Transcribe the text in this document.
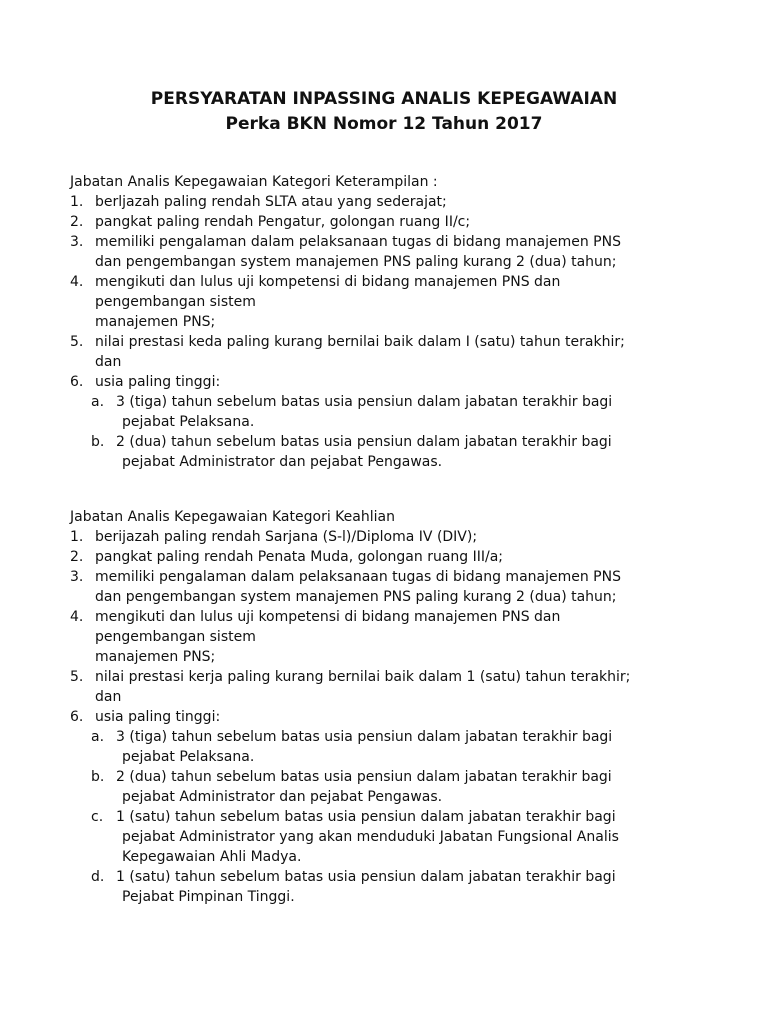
PERSYARATAN INPASSING ANALIS KEPEGAWAIAN
Perka BKN Nomor 12 Tahun 2017
Jabatan Analis Kepegawaian Kategori Keterampilan :
1. berljazah paling rendah SLTA atau yang sederajat;
2. pangkat paling rendah Pengatur, golongan ruang II/c;
3. memiliki pengalaman dalam pelaksanaan tugas di bidang manajemen PNS
dan pengembangan system manajemen PNS paling kurang 2 (dua) tahun;
4. mengikuti dan lulus uji kompetensi di bidang manajemen PNS dan
pengembangan sistem
manajemen PNS;
5. nilai prestasi keda paling kurang bernilai baik dalam I (satu) tahun terakhir;
dan
6. usia paling tinggi:
a. 3 (tiga) tahun sebelum batas usia pensiun dalam jabatan terakhir bagi
pejabat Pelaksana.
b. 2 (dua) tahun sebelum batas usia pensiun dalam jabatan terakhir bagi
pejabat Administrator dan pejabat Pengawas.
Jabatan Analis Kepegawaian Kategori Keahlian
1. berijazah paling rendah Sarjana (S-l)/Diploma IV (DIV);
2. pangkat paling rendah Penata Muda, golongan ruang III/a;
3. memiliki pengalaman dalam pelaksanaan tugas di bidang manajemen PNS
dan pengembangan system manajemen PNS paling kurang 2 (dua) tahun;
4. mengikuti dan lulus uji kompetensi di bidang manajemen PNS dan
pengembangan sistem
manajemen PNS;
5. nilai prestasi kerja paling kurang bernilai baik dalam 1 (satu) tahun terakhir;
dan
6. usia paling tinggi:
a. 3 (tiga) tahun sebelum batas usia pensiun dalam jabatan terakhir bagi
pejabat Pelaksana.
b. 2 (dua) tahun sebelum batas usia pensiun dalam jabatan terakhir bagi
pejabat Administrator dan pejabat Pengawas.
c. 1 (satu) tahun sebelum batas usia pensiun dalam jabatan terakhir bagi
pejabat Administrator yang akan menduduki Jabatan Fungsional Analis
Kepegawaian Ahli Madya.
d. 1 (satu) tahun sebelum batas usia pensiun dalam jabatan terakhir bagi
Pejabat Pimpinan Tinggi.
